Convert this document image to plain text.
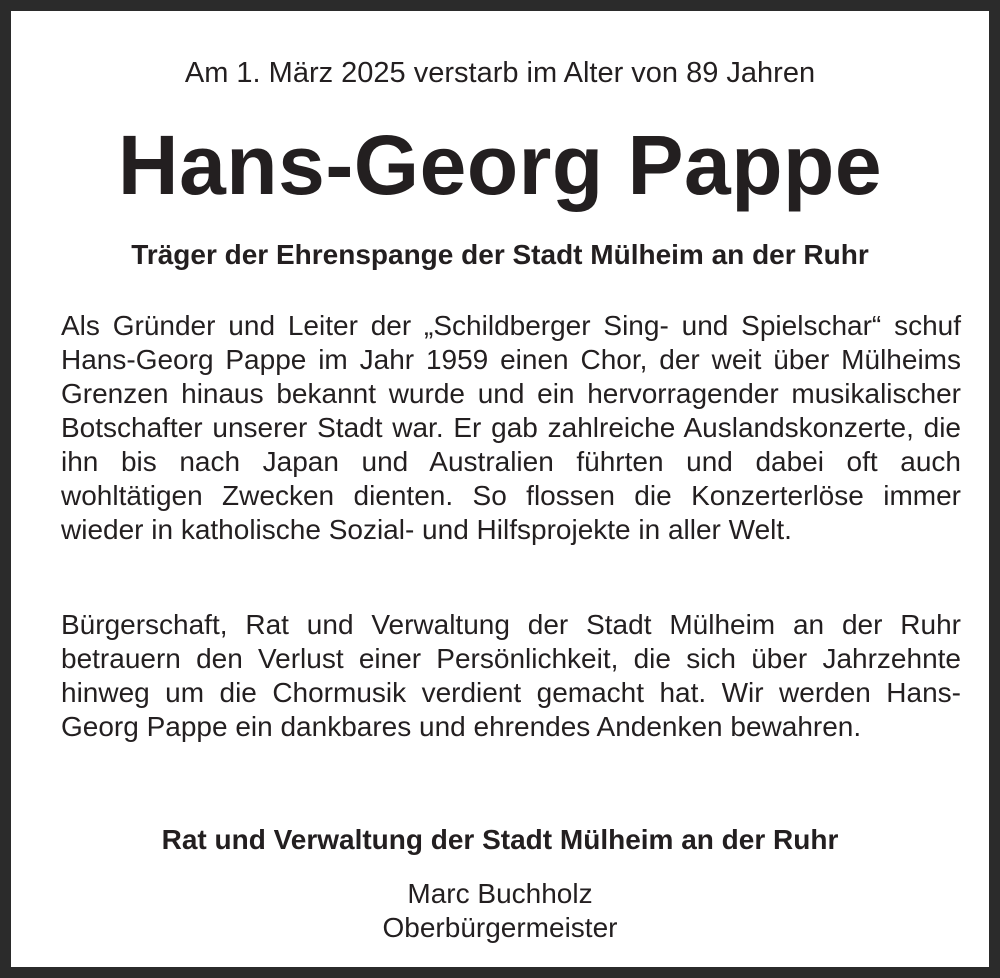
Am 1. März 2025 verstarb im Alter von 89 Jahren
Hans-Georg Pappe
Träger der Ehrenspange der Stadt Mülheim an der Ruhr

Als Gründer und Leiter der „Schildberger Sing- und Spielschar“ schuf Hans-Georg Pappe im Jahr 1959 einen Chor, der weit über Mülheims Grenzen hinaus bekannt wurde und ein hervorragender musikalischer Botschafter unserer Stadt war. Er gab zahlreiche Auslandskonzerte, die ihn bis nach Japan und Australien führten und dabei oft auch wohltätigen Zwecken dienten. So flossen die Konzerterlöse immer wieder in katholische Sozial- und Hilfsprojekte in aller Welt.

Bürgerschaft, Rat und Verwaltung der Stadt Mülheim an der Ruhr betrauern den Verlust einer Persönlichkeit, die sich über Jahrzehnte hinweg um die Chormusik verdient gemacht hat. Wir werden Hans-Georg Pappe ein dankbares und ehrendes Andenken bewahren.

Rat und Verwaltung der Stadt Mülheim an der Ruhr
Marc Buchholz
Oberbürgermeister
